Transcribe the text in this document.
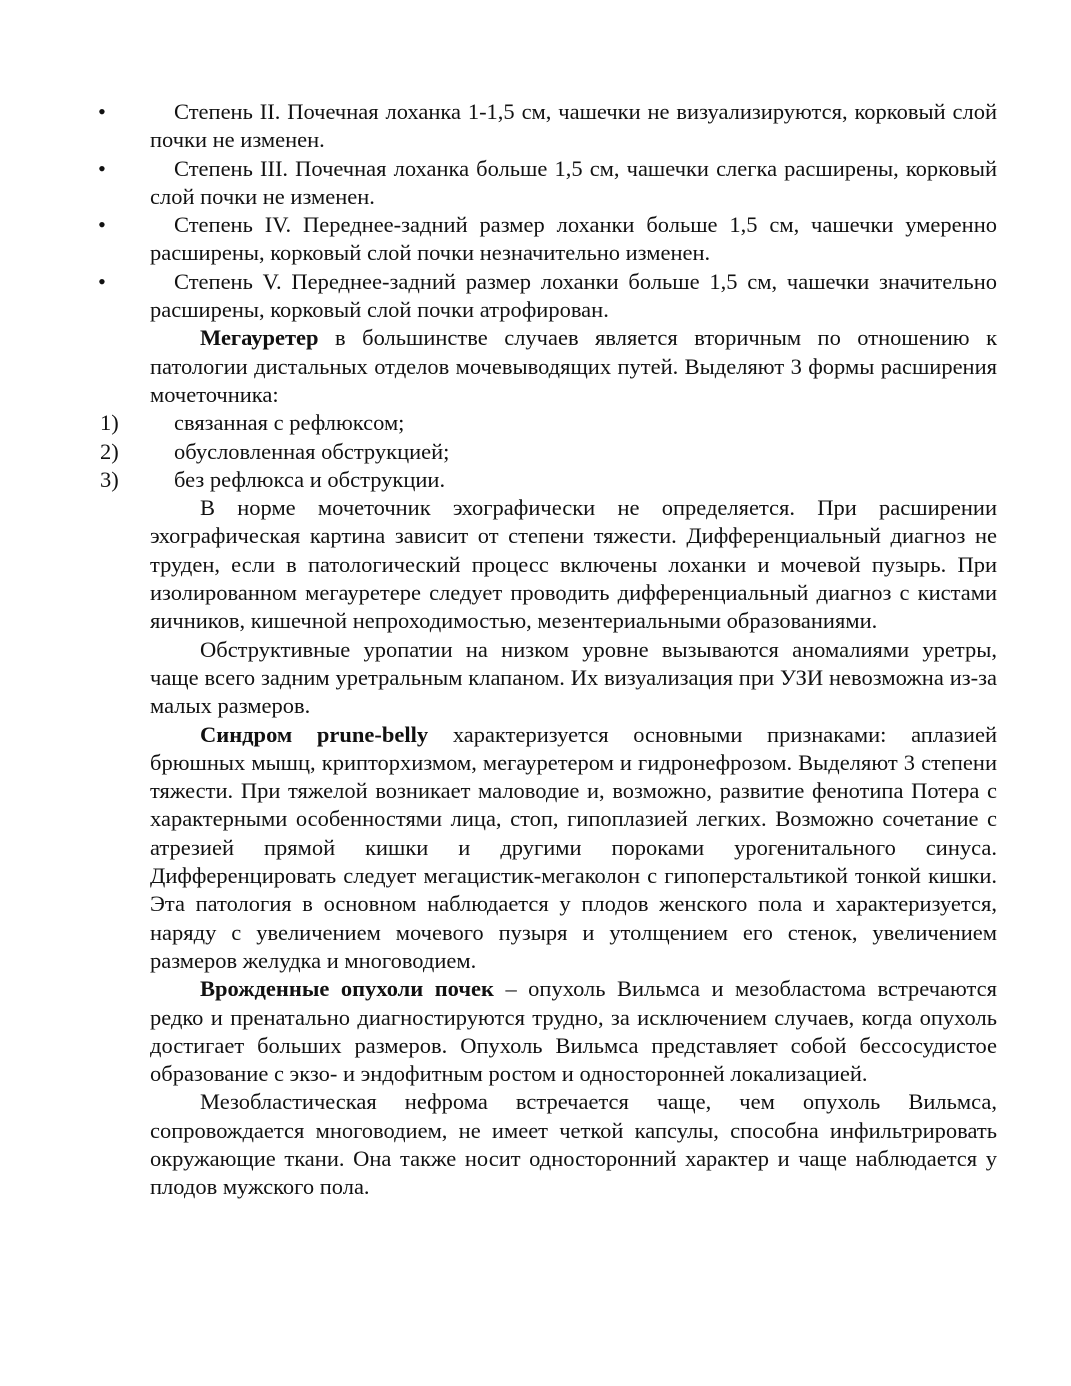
•	Степень II. Почечная лоханка 1-1,5 см, чашечки не визуализируются, корковый слой почки не изменен.
•	Степень III. Почечная лоханка больше 1,5 см, чашечки слегка расширены, корковый слой почки не изменен.
•	Степень IV. Переднее-задний размер лоханки больше 1,5 см, чашечки умеренно расширены, корковый слой почки незначительно изменен.
•	Степень V. Переднее-задний размер лоханки больше 1,5 см, чашечки значительно расширены, корковый слой почки атрофирован.

Мегауретер в большинстве случаев является вторичным по отношению к патологии дистальных отделов мочевыводящих путей. Выделяют 3 формы расширения мочеточника:

1)	связанная с рефлюксом;
2)	обусловленная обструкцией;
3)	без рефлюкса и обструкции.

В норме мочеточник эхографически не определяется. При расширении эхографическая картина зависит от степени тяжести. Дифференциальный диагноз не труден, если в патологический процесс включены лоханки и мочевой пузырь. При изолированном мегауретере следует проводить дифференциальный диагноз с кистами яичников, кишечной непроходимостью, мезентериальными образованиями.

Обструктивные уропатии на низком уровне вызываются аномалиями уретры, чаще всего задним уретральным клапаном. Их визуализация при УЗИ невозможна из-за малых размеров.

Синдром prune-belly характеризуется основными признаками: аплазией брюшных мышц, крипторхизмом, мегауретером и гидронефрозом. Выделяют 3 степени тяжести. При тяжелой возникает маловодие и, возможно, развитие фенотипа Потера с характерными особенностями лица, стоп, гипоплазией легких. Возможно сочетание с атрезией прямой кишки и другими пороками урогенитального синуса. Дифференцировать следует мегацистик-мегаколон с гипоперстальтикой тонкой кишки. Эта патология в основном наблюдается у плодов женского пола и характеризуется, наряду с увеличением мочевого пузыря и утолщением его стенок, увеличением размеров желудка и многоводием.

Врожденные опухоли почек – опухоль Вильмса и мезобластома встречаются редко и пренатально диагностируются трудно, за исключением случаев, когда опухоль достигает больших размеров. Опухоль Вильмса представляет собой бессосудистое образование с экзо- и эндофитным ростом и односторонней локализацией.

Мезобластическая нефрома встречается чаще, чем опухоль Вильмса, сопровождается многоводием, не имеет четкой капсулы, способна инфильтрировать окружающие ткани. Она также носит односторонний характер и чаще наблюдается у плодов мужского пола.
